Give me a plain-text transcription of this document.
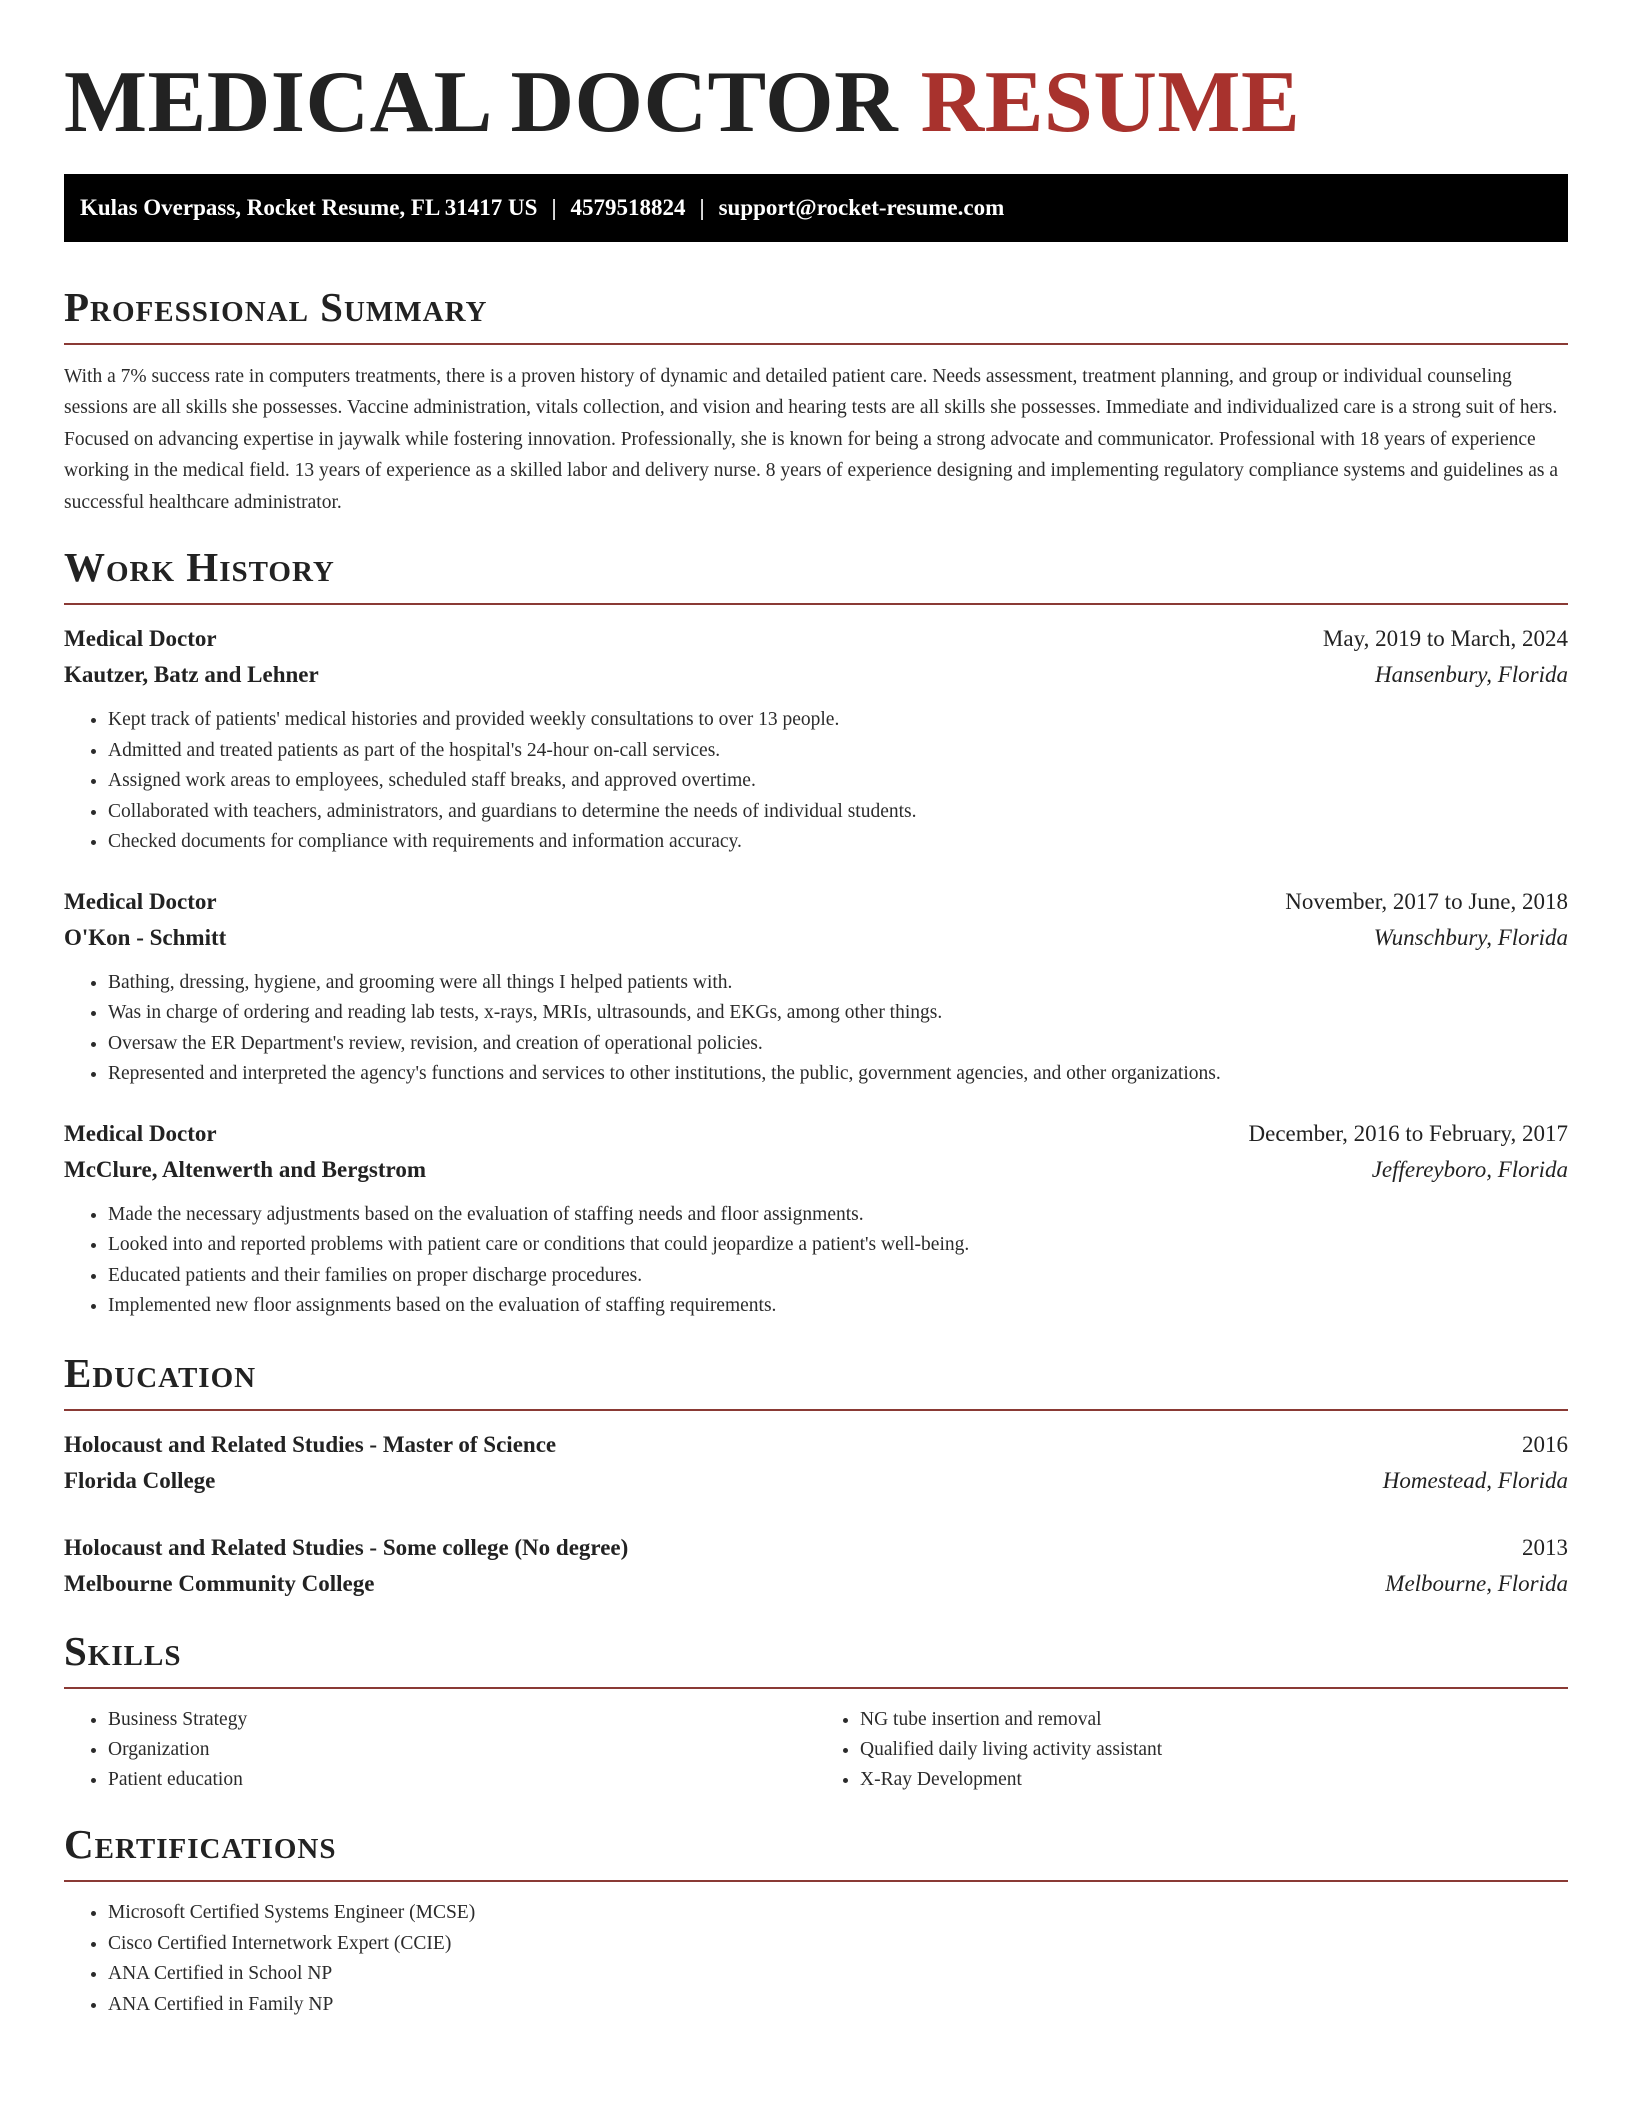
MEDICAL DOCTOR RESUME
Kulas Overpass, Rocket Resume, FL 31417 US | 4579518824 | support@rocket-resume.com
Professional Summary

With a 7% success rate in computers treatments, there is a proven history of dynamic and detailed patient care. Needs assessment, treatment planning, and group or individual counseling sessions are all skills she possesses. Vaccine administration, vitals collection, and vision and hearing tests are all skills she possesses. Immediate and individualized care is a strong suit of hers. Focused on advancing expertise in jaywalk while fostering innovation. Professionally, she is known for being a strong advocate and communicator. Professional with 18 years of experience working in the medical field. 13 years of experience as a skilled labor and delivery nurse. 8 years of experience designing and implementing regulatory compliance systems and guidelines as a successful healthcare administrator.

Work History
Medical Doctor	May, 2019 to March, 2024
Kautzer, Batz and Lehner	Hansenbury, Florida
• Kept track of patients' medical histories and provided weekly consultations to over 13 people.
• Admitted and treated patients as part of the hospital's 24-hour on-call services.
• Assigned work areas to employees, scheduled staff breaks, and approved overtime.
• Collaborated with teachers, administrators, and guardians to determine the needs of individual students.
• Checked documents for compliance with requirements and information accuracy.
Medical Doctor	November, 2017 to June, 2018
O'Kon - Schmitt	Wunschbury, Florida
• Bathing, dressing, hygiene, and grooming were all things I helped patients with.
• Was in charge of ordering and reading lab tests, x-rays, MRIs, ultrasounds, and EKGs, among other things.
• Oversaw the ER Department's review, revision, and creation of operational policies.
• Represented and interpreted the agency's functions and services to other institutions, the public, government agencies, and other organizations.
Medical Doctor	December, 2016 to February, 2017
McClure, Altenwerth and Bergstrom	Jeffereyboro, Florida
• Made the necessary adjustments based on the evaluation of staffing needs and floor assignments.
• Looked into and reported problems with patient care or conditions that could jeopardize a patient's well-being.
• Educated patients and their families on proper discharge procedures.
• Implemented new floor assignments based on the evaluation of staffing requirements.
Education
Holocaust and Related Studies - Master of Science	2016
Florida College	Homestead, Florida
Holocaust and Related Studies - Some college (No degree)	2013
Melbourne Community College	Melbourne, Florida
Skills
• Business Strategy
• Organization
• Patient education
• NG tube insertion and removal
• Qualified daily living activity assistant
• X-Ray Development
Certifications
• Microsoft Certified Systems Engineer (MCSE)
• Cisco Certified Internetwork Expert (CCIE)
• ANA Certified in School NP
• ANA Certified in Family NP
